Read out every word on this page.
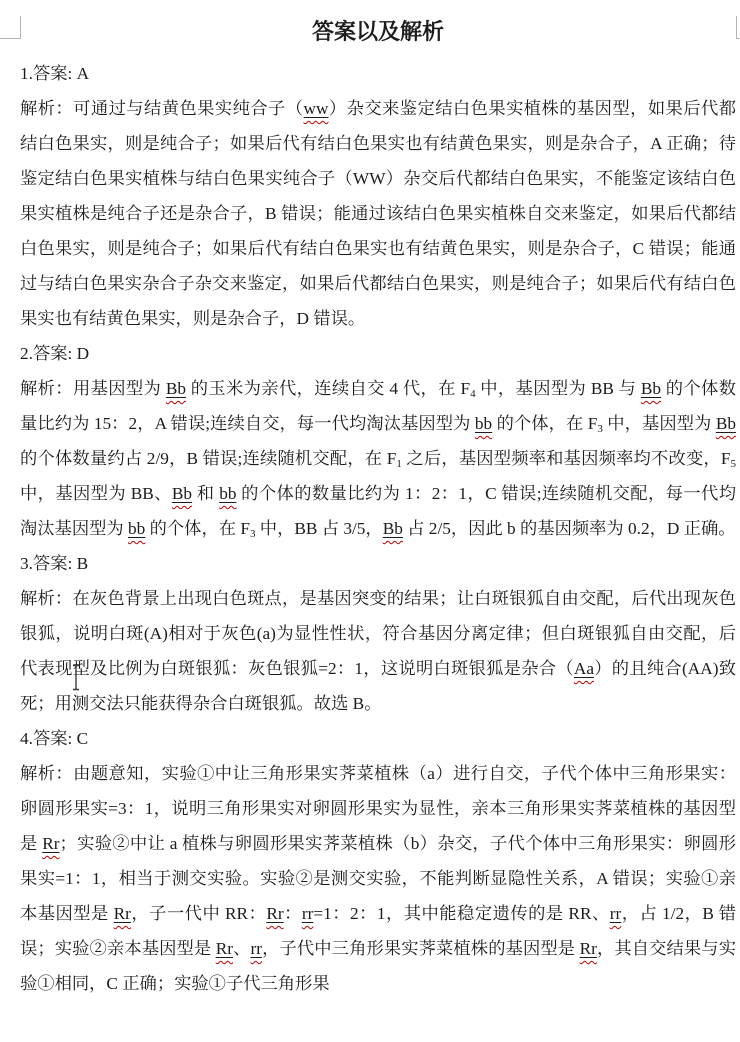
答案以及解析

1.答案: A

解析：可通过与结黄色果实纯合子（ww）杂交来鉴定结白色果实植株的基因型，如果后代都结白色果实，则是纯合子；如果后代有结白色果实也有结黄色果实，则是杂合子，A 正确；待鉴定结白色果实植株与结白色果实纯合子（WW）杂交后代都结白色果实，不能鉴定该结白色果实植株是纯合子还是杂合子，B 错误；能通过该结白色果实植株自交来鉴定，如果后代都结白色果实，则是纯合子；如果后代有结白色果实也有结黄色果实，则是杂合子，C 错误；能通过与结白色果实杂合子杂交来鉴定，如果后代都结白色果实，则是纯合子；如果后代有结白色果实也有结黄色果实，则是杂合子，D 错误。

2.答案: D

解析：用基因型为 Bb 的玉米为亲代，连续自交 4 代，在 $F_4$ 中，基因型为 BB 与 Bb 的个体数量比约为 15：2，A 错误;连续自交，每一代均淘汰基因型为 bb 的个体，在 $F_3$ 中，基因型为 Bb 的个体数量约占 2/9，B 错误;连续随机交配，在 $F_1$ 之后，基因型频率和基因频率均不改变，$F_5$ 中，基因型为 BB、Bb 和 bb 的个体的数量比约为 1：2：1，C 错误;连续随机交配，每一代均淘汰基因型为 bb 的个体，在 $F_3$ 中，BB 占 3/5，Bb 占 2/5，因此 b 的基因频率为 0.2，D 正确。

3.答案: B

解析：在灰色背景上出现白色斑点，是基因突变的结果；让白斑银狐自由交配，后代出现灰色银狐，说明白斑(A)相对于灰色(a)为显性性状，符合基因分离定律；但白斑银狐自由交配，后代表现型及比例为白斑银狐：灰色银狐=2：1，这说明白斑银狐是杂合（Aa）的且纯合(AA)致死；用测交法只能获得杂合白斑银狐。故选 B。

4.答案: C

解析：由题意知，实验①中让三角形果实荠菜植株（a）进行自交，子代个体中三角形果实：卵圆形果实=3：1，说明三角形果实对卵圆形果实为显性，亲本三角形果实荠菜植株的基因型是 Rr；实验②中让 a 植株与卵圆形果实荠菜植株（b）杂交，子代个体中三角形果实：卵圆形果实=1：1，相当于测交实验。实验②是测交实验，不能判断显隐性关系，A 错误；实验①亲本基因型是 Rr，子一代中 RR：Rr：rr=1：2：1，其中能稳定遗传的是 RR、rr，占 1/2，B 错误；实验②亲本基因型是 Rr、rr，子代中三角形果实荠菜植株的基因型是 Rr，其自交结果与实验①相同，C 正确；实验①子代三角形果
